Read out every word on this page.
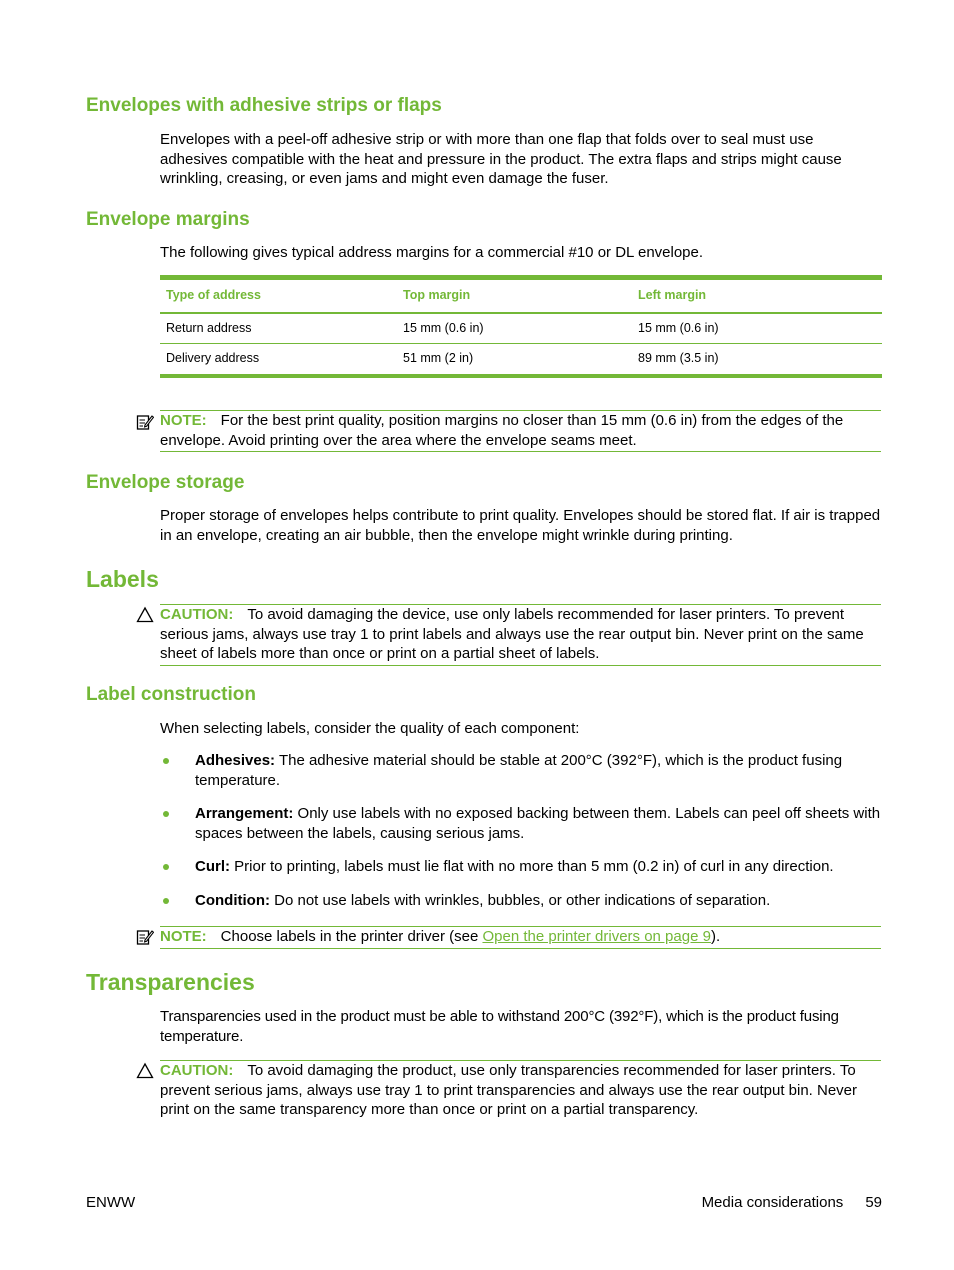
Envelopes with adhesive strips or flaps

Envelopes with a peel-off adhesive strip or with more than one flap that folds over to seal must use adhesives compatible with the heat and pressure in the product. The extra flaps and strips might cause wrinkling, creasing, or even jams and might even damage the fuser.

Envelope margins

The following gives typical address margins for a commercial #10 or DL envelope.

Type of address	Top margin	Left margin
Return address	15 mm (0.6 in)	15 mm (0.6 in)
Delivery address	51 mm (2 in)	89 mm (3.5 in)
NOTE: For the best print quality, position margins no closer than 15 mm (0.6 in) from the edges of the envelope. Avoid printing over the area where the envelope seams meet.
Envelope storage

Proper storage of envelopes helps contribute to print quality. Envelopes should be stored flat. If air is trapped in an envelope, creating an air bubble, then the envelope might wrinkle during printing.

Labels
CAUTION: To avoid damaging the device, use only labels recommended for laser printers. To prevent serious jams, always use tray 1 to print labels and always use the rear output bin. Never print on the same sheet of labels more than once or print on a partial sheet of labels.
Label construction

When selecting labels, consider the quality of each component:

Adhesives: The adhesive material should be stable at 200°C (392°F), which is the product fusing temperature.
Arrangement: Only use labels with no exposed backing between them. Labels can peel off sheets with spaces between the labels, causing serious jams.
Curl: Prior to printing, labels must lie flat with no more than 5 mm (0.2 in) of curl in any direction.
Condition: Do not use labels with wrinkles, bubbles, or other indications of separation.
NOTE: Choose labels in the printer driver (see Open the printer drivers on page 9).
Transparencies

Transparencies used in the product must be able to withstand 200°C (392°F), which is the product fusing temperature.

CAUTION: To avoid damaging the product, use only transparencies recommended for laser printers. To prevent serious jams, always use tray 1 to print transparencies and always use the rear output bin. Never print on the same transparency more than once or print on a partial transparency.
ENWW	Media considerations 59
